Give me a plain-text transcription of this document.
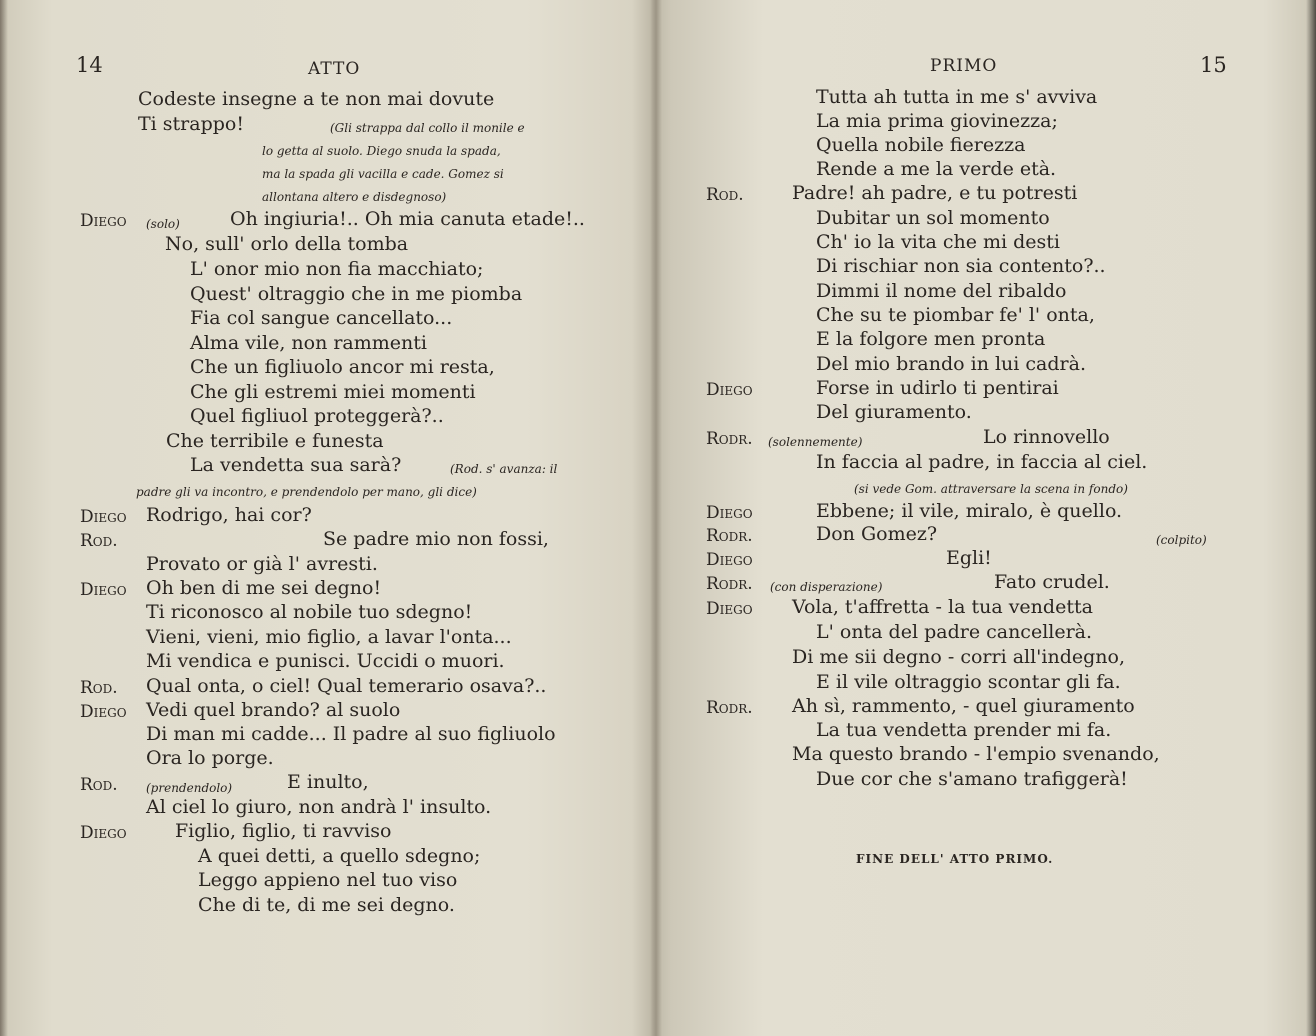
14	ATTO
Codeste insegne a te non mai dovute
Ti strappo!	(Gli strappa dal collo il monile e
lo getta al suolo. Diego snuda la spada,
ma la spada gli vacilla e cade. Gomez si
allontana altero e disdegnoso)
Diego (solo)	Oh ingiuria!.. Oh mia canuta etade!..
No, sull' orlo della tomba
L' onor mio non fia macchiato;
Quest' oltraggio che in me piomba
Fia col sangue cancellato...
Alma vile, non rammenti
Che un figliuolo ancor mi resta,
Che gli estremi miei momenti
Quel figliuol proteggerà?..
Che terribile e funesta
La vendetta sua sarà?	(Rod. s' avanza: il
padre gli va incontro, e prendendolo per mano, gli dice)
Diego Rodrigo, hai cor?
Rod.	Se padre mio non fossi,
Provato or già l' avresti.
Diego Oh ben di me sei degno!
Ti riconosco al nobile tuo sdegno!
Vieni, vieni, mio figlio, a lavar l'onta...
Mi vendica e punisci. Uccidi o muori.
Rod. Qual onta, o ciel! Qual temerario osava?..
Diego Vedi quel brando? al suolo
Di man mi cadde... Il padre al suo figliuolo
Ora lo porge.
Rod. (prendendolo)	E inulto,
Al ciel lo giuro, non andrà l' insulto.
Diego	Figlio, figlio, ti ravviso
A quei detti, a quello sdegno;
Leggo appieno nel tuo viso
Che di te, di me sei degno.
PRIMO	15
Tutta ah tutta in me s' avviva
La mia prima giovinezza;
Quella nobile fierezza
Rende a me la verde età.
Rod.	Padre! ah padre, e tu potresti
Dubitar un sol momento
Ch' io la vita che mi desti
Di rischiar non sia contento?..
Dimmi il nome del ribaldo
Che su te piombar fe' l' onta,
E la folgore men pronta
Del mio brando in lui cadrà.
Diego	Forse in udirlo ti pentirai
Del giuramento.
Rodr. (solennemente)	Lo rinnovello
In faccia al padre, in faccia al ciel.
(si vede Gom. attraversare la scena in fondo)
Diego	Ebbene; il vile, miralo, è quello.
Rodr.	Don Gomez?	(colpito)
Diego	Egli!
Rodr. (con disperazione)	Fato crudel.
Diego Vola, t'affretta - la tua vendetta
L' onta del padre cancellerà.
Di me sii degno - corri all'indegno,
E il vile oltraggio scontar gli fa.
Rodr. Ah sì, rammento, - quel giuramento
La tua vendetta prender mi fa.
Ma questo brando - l'empio svenando,
Due cor che s'amano trafiggerà!
FINE DELL' ATTO PRIMO.
